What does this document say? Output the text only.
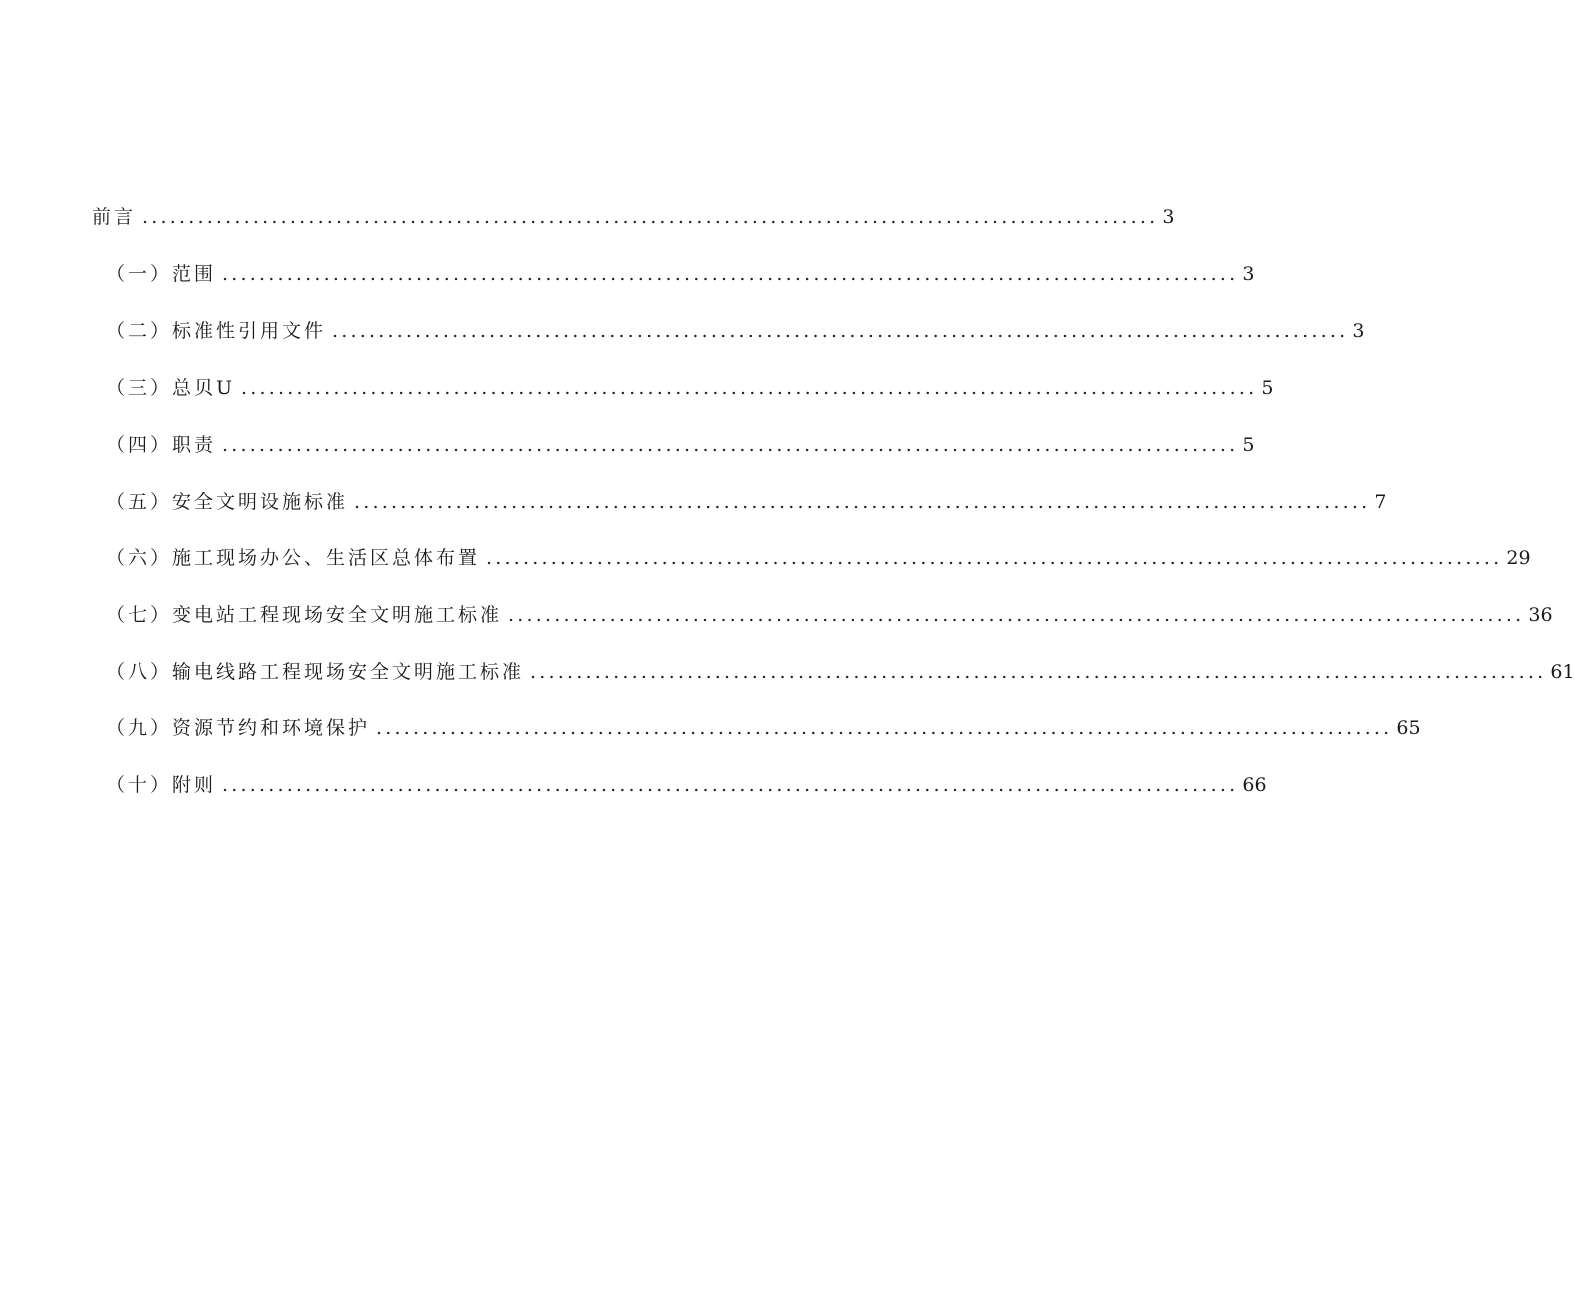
前言 .............................................................................................................. 3
（一）范围 .............................................................................................................. 3
（二）标准性引用文件 .............................................................................................................. 3
（三）总贝U .............................................................................................................. 5
（四）职责 .............................................................................................................. 5
（五）安全文明设施标准 .............................................................................................................. 7
（六）施工现场办公、生活区总体布置 .............................................................................................................. 29
（七）变电站工程现场安全文明施工标准 .............................................................................................................. 36
（八）输电线路工程现场安全文明施工标准 .............................................................................................................. 61
（九）资源节约和环境保护 .............................................................................................................. 65
（十）附则 .............................................................................................................. 66
